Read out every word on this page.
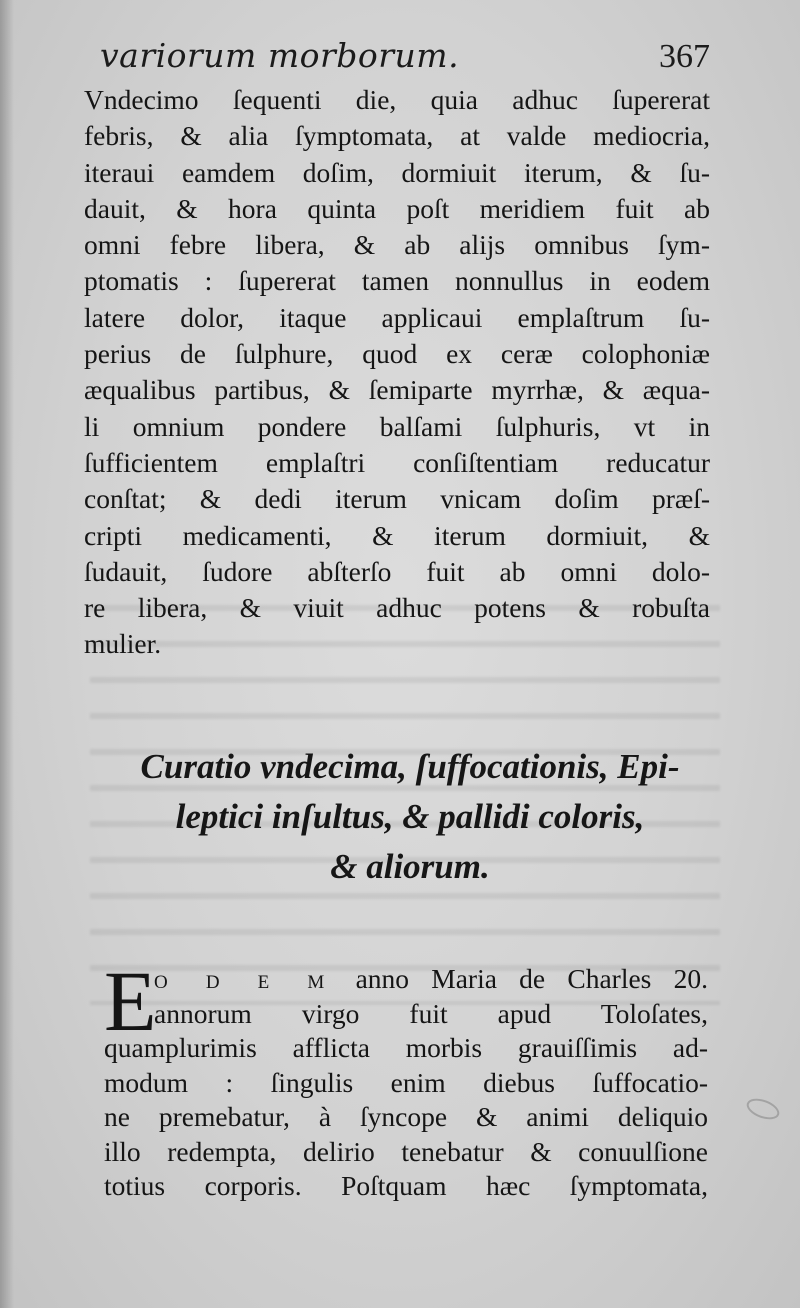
variorum morborum.	367
Vndecimo ſequenti die, quia adhuc ſupererat
febris, & alia ſymptomata, at valde mediocria,
iteraui eamdem doſim, dormiuit iterum, & ſu-
dauit, & hora quinta poſt meridiem fuit ab
omni febre libera, & ab alijs omnibus ſym-
ptomatis : ſupererat tamen nonnullus in eodem
latere dolor, itaque applicaui emplaſtrum ſu-
perius de ſulphure, quod ex ceræ colophoniæ
æqualibus partibus, & ſemiparte myrrhæ, & æqua-
li omnium pondere balſami ſulphuris, vt in
ſufficientem emplaſtri conſiſtentiam reducatur
conſtat; & dedi iterum vnicam doſim præſ-
cripti medicamenti, & iterum dormiuit, &
ſudauit, ſudore abſterſo fuit ab omni dolo-
re libera, & viuit adhuc potens & robuſta
mulier.
Curatio vndecima, ſuffocationis, Epi-
leptici inſultus, & pallidi coloris,
& aliorum.
E
O D E M anno Maria de Charles 20.
annorum virgo fuit apud Toloſates,
quamplurimis afflicta morbis grauiſſimis ad-
modum : ſingulis enim diebus ſuffocatio-
ne premebatur, à ſyncope & animi deliquio
illo redempta, delirio tenebatur & conuulſione
totius corporis. Poſtquam hæc ſymptomata,
